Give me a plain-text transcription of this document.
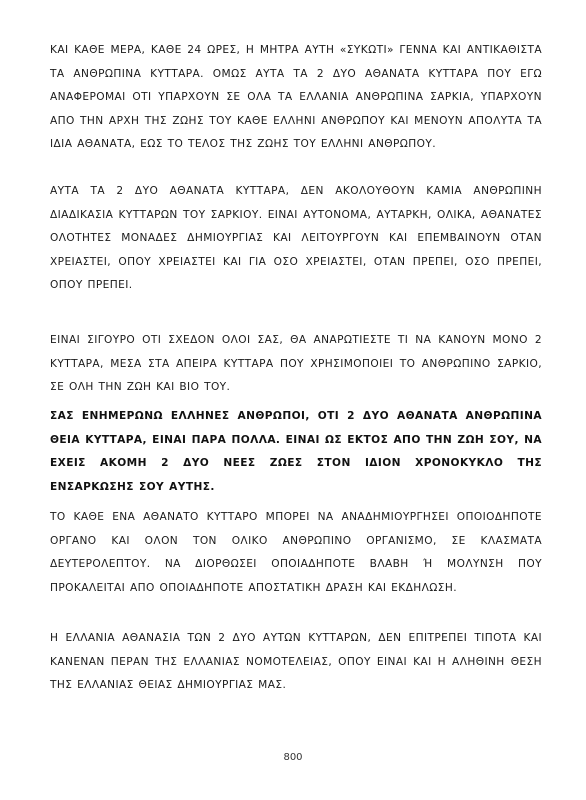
ΚΑΙ ΚΑΘΕ ΜΕΡΑ, ΚΑΘΕ 24 ΩΡΕΣ, Η ΜΗΤΡΑ ΑΥΤΗ «ΣΥΚΩΤΙ» ΓΕΝΝΑ ΚΑΙ ΑΝΤΙΚΑΘΙΣΤΑ ΤΑ ΑΝΘΡΩΠΙΝΑ ΚΥΤΤΑΡΑ. ΟΜΩΣ ΑΥΤΑ ΤΑ 2 ΔΥΟ ΑΘΑΝΑΤΑ ΚΥΤΤΑΡΑ ΠΟΥ ΕΓΩ ΑΝΑΦΕΡΟΜΑΙ ΟΤΙ ΥΠΑΡΧΟΥΝ ΣΕ ΟΛΑ ΤΑ ΕΛΛΑΝΙΑ ΑΝΘΡΩΠΙΝΑ ΣΑΡΚΙΑ, ΥΠΑΡΧΟΥΝ ΑΠΟ ΤΗΝ ΑΡΧΗ ΤΗΣ ΖΩΗΣ ΤΟΥ ΚΑΘΕ ΕΛΛΗΝΙ ΑΝΘΡΩΠΟΥ ΚΑΙ ΜΕΝΟΥΝ ΑΠΟΛΥΤΑ ΤΑ ΙΔΙΑ ΑΘΑΝΑΤΑ, ΕΩΣ ΤΟ ΤΕΛΟΣ ΤΗΣ ΖΩΗΣ ΤΟΥ ΕΛΛΗΝΙ ΑΝΘΡΩΠΟΥ.

ΑΥΤΑ ΤΑ 2 ΔΥΟ ΑΘΑΝΑΤΑ ΚΥΤΤΑΡΑ, ΔΕΝ ΑΚΟΛΟΥΘΟΥΝ ΚΑΜΙΑ ΑΝΘΡΩΠΙΝΗ ΔΙΑΔΙΚΑΣΙΑ ΚΥΤΤΑΡΩΝ ΤΟΥ ΣΑΡΚΙΟΥ. ΕΙΝΑΙ ΑΥΤΟΝΟΜΑ, ΑΥΤΑΡΚΗ, ΟΛΙΚΑ, ΑΘΑΝΑΤΕΣ ΟΛΟΤΗΤΕΣ ΜΟΝΑΔΕΣ ΔΗΜΙΟΥΡΓΙΑΣ ΚΑΙ ΛΕΙΤΟΥΡΓΟΥΝ ΚΑΙ ΕΠΕΜΒΑΙΝΟΥΝ ΟΤΑΝ ΧΡΕΙΑΣΤΕΙ, ΟΠΟΥ ΧΡΕΙΑΣΤΕΙ ΚΑΙ ΓΙΑ ΟΣΟ ΧΡΕΙΑΣΤΕΙ, ΟΤΑΝ ΠΡΕΠΕΙ, ΟΣΟ ΠΡΕΠΕΙ, ΟΠΟΥ ΠΡΕΠΕΙ.

ΕΙΝΑΙ ΣΙΓΟΥΡΟ ΟΤΙ ΣΧΕΔΟΝ ΟΛΟΙ ΣΑΣ, ΘΑ ΑΝΑΡΩΤΙΕΣΤΕ ΤΙ ΝΑ ΚΑΝΟΥΝ ΜΟΝΟ 2 ΚΥΤΤΑΡΑ, ΜΕΣΑ ΣΤΑ ΑΠΕΙΡΑ ΚΥΤΤΑΡΑ ΠΟΥ ΧΡΗΣΙΜΟΠΟΙΕΙ ΤΟ ΑΝΘΡΩΠΙΝΟ ΣΑΡΚΙΟ, ΣΕ ΟΛΗ ΤΗΝ ΖΩΗ ΚΑΙ ΒΙΟ ΤΟΥ.

ΣΑΣ ΕΝΗΜΕΡΩΝΩ ΕΛΛΗΝΕΣ ΑΝΘΡΩΠΟΙ, ΟΤΙ 2 ΔΥΟ ΑΘΑΝΑΤΑ ΑΝΘΡΩΠΙΝΑ ΘΕΙΑ ΚΥΤΤΑΡΑ, ΕΙΝΑΙ ΠΑΡΑ ΠΟΛΛΑ. ΕΙΝΑΙ ΩΣ ΕΚΤΟΣ ΑΠΟ ΤΗΝ ΖΩΗ ΣΟΥ, ΝΑ ΕΧΕΙΣ ΑΚΟΜΗ 2 ΔΥΟ ΝΕΕΣ ΖΩΕΣ ΣΤΟΝ ΙΔΙΟΝ ΧΡΟΝΟΚΥΚΛΟ ΤΗΣ ΕΝΣΑΡΚΩΣΗΣ ΣΟΥ ΑΥΤΗΣ.

ΤΟ ΚΑΘΕ ΕΝΑ ΑΘΑΝΑΤΟ ΚΥΤΤΑΡΟ ΜΠΟΡΕΙ ΝΑ ΑΝΑΔΗΜΙΟΥΡΓΗΣΕΙ ΟΠΟΙΟΔΗΠΟΤΕ ΟΡΓΑΝΟ ΚΑΙ ΟΛΟΝ ΤΟΝ ΟΛΙΚΟ ΑΝΘΡΩΠΙΝΟ ΟΡΓΑΝΙΣΜΟ, ΣΕ ΚΛΑΣΜΑΤΑ ΔΕΥΤΕΡΟΛΕΠΤΟΥ. ΝΑ ΔΙΟΡΘΩΣΕΙ ΟΠΟΙΑΔΗΠΟΤΕ ΒΛΑΒΗ Ή ΜΟΛΥΝΣΗ ΠΟΥ ΠΡΟΚΑΛΕΙΤΑΙ ΑΠΟ ΟΠΟΙΑΔΗΠΟΤΕ ΑΠΟΣΤΑΤΙΚΗ ΔΡΑΣΗ ΚΑΙ ΕΚΔΗΛΩΣΗ.

Η ΕΛΛΑΝΙΑ ΑΘΑΝΑΣΙΑ ΤΩΝ 2 ΔΥΟ ΑΥΤΩΝ ΚΥΤΤΑΡΩΝ, ΔΕΝ ΕΠΙΤΡΕΠΕΙ ΤΙΠΟΤΑ ΚΑΙ ΚΑΝΕΝΑΝ ΠΕΡΑΝ ΤΗΣ ΕΛΛΑΝΙΑΣ ΝΟΜΟΤΕΛΕΙΑΣ, ΟΠΟΥ ΕΙΝΑΙ ΚΑΙ Η ΑΛΗΘΙΝΗ ΘΕΣΗ ΤΗΣ ΕΛΛΑΝΙΑΣ ΘΕΙΑΣ ΔΗΜΙΟΥΡΓΙΑΣ ΜΑΣ.

800
